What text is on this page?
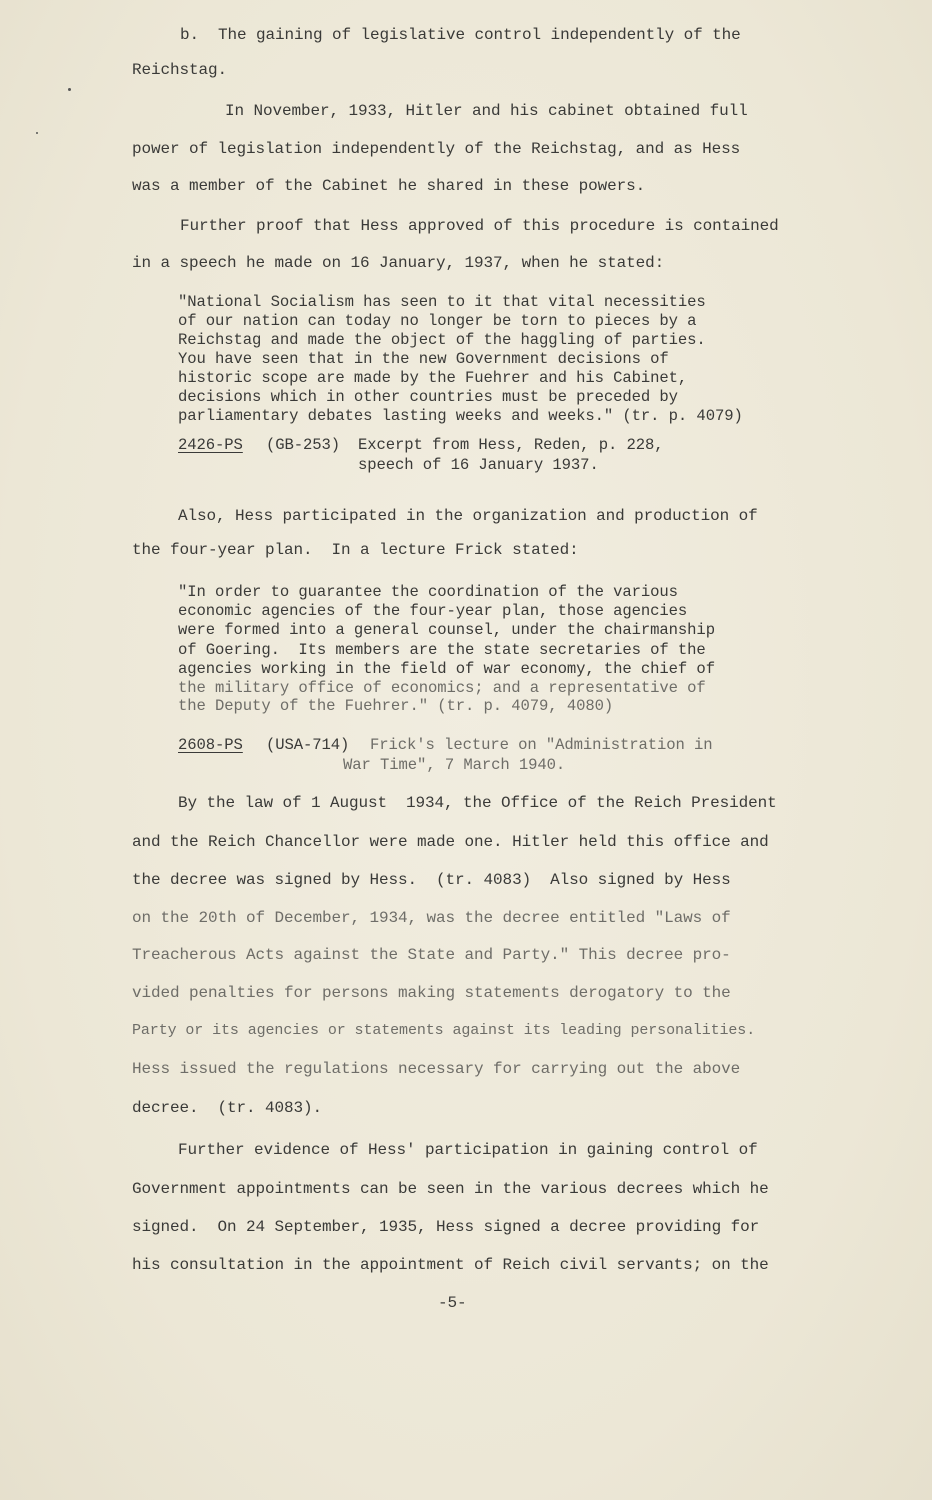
b.  The gaining of legislative control independently of the
Reichstag.
In November, 1933, Hitler and his cabinet obtained full
power of legislation independently of the Reichstag, and as Hess
was a member of the Cabinet he shared in these powers.
Further proof that Hess approved of this procedure is contained
in a speech he made on 16 January, 1937, when he stated:
"National Socialism has seen to it that vital necessities
of our nation can today no longer be torn to pieces by a
Reichstag and made the object of the haggling of parties.
You have seen that in the new Government decisions of
historic scope are made by the Fuehrer and his Cabinet,
decisions which in other countries must be preceded by
parliamentary debates lasting weeks and weeks." (tr. p. 4079)
2426-PS (GB-253) Excerpt from Hess, Reden, p. 228,
speech of 16 January 1937.
Also, Hess participated in the organization and production of
the four-year plan.  In a lecture Frick stated:
"In order to guarantee the coordination of the various
economic agencies of the four-year plan, those agencies
were formed into a general counsel, under the chairmanship
of Goering.  Its members are the state secretaries of the
agencies working in the field of war economy, the chief of
the military office of economics; and a representative of
the Deputy of the Fuehrer." (tr. p. 4079, 4080)
2608-PS (USA-714) Frick's lecture on "Administration in
War Time", 7 March 1940.
By the law of 1 August  1934, the Office of the Reich President
and the Reich Chancellor were made one. Hitler held this office and
the decree was signed by Hess.  (tr. 4083)  Also signed by Hess
on the 20th of December, 1934, was the decree entitled "Laws of
Treacherous Acts against the State and Party." This decree pro-
vided penalties for persons making statements derogatory to the
Party or its agencies or statements against its leading personalities.
Hess issued the regulations necessary for carrying out the above
decree.  (tr. 4083).
Further evidence of Hess' participation in gaining control of
Government appointments can be seen in the various decrees which he
signed.  On 24 September, 1935, Hess signed a decree providing for
his consultation in the appointment of Reich civil servants; on the
-5-
